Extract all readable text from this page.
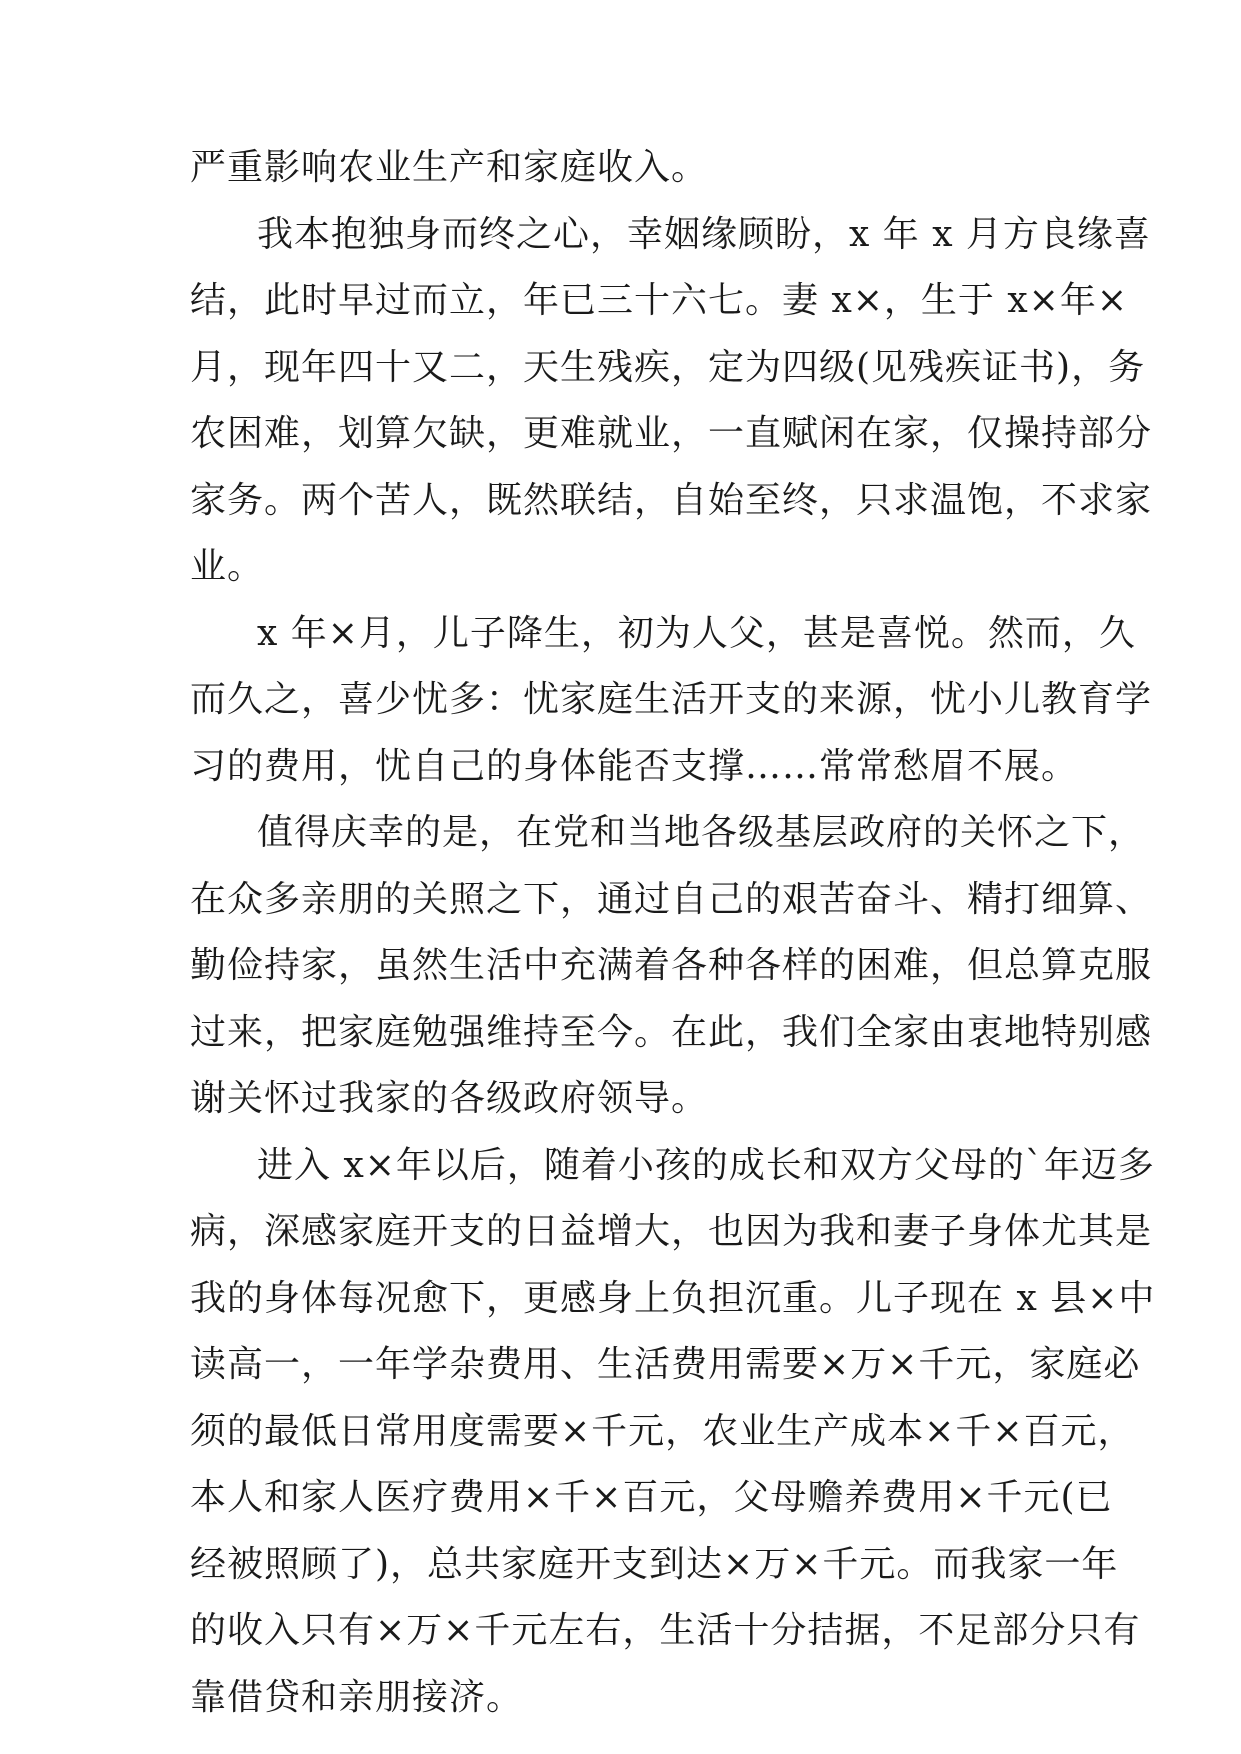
严重影响农业生产和家庭收入。
我本抱独身而终之心，幸姻缘顾盼，x 年 x 月方良缘喜
结，此时早过而立，年已三十六七。妻 x×，生于 x×年×
月，现年四十又二，天生残疾，定为四级(见残疾证书)，务
农困难，划算欠缺，更难就业，一直赋闲在家，仅操持部分
家务。两个苦人，既然联结，自始至终，只求温饱，不求家
业。
x 年×月，儿子降生，初为人父，甚是喜悦。然而，久
而久之，喜少忧多：忧家庭生活开支的来源，忧小儿教育学
习的费用，忧自己的身体能否支撑……常常愁眉不展。
值得庆幸的是，在党和当地各级基层政府的关怀之下，
在众多亲朋的关照之下，通过自己的艰苦奋斗、精打细算、
勤俭持家，虽然生活中充满着各种各样的困难，但总算克服
过来，把家庭勉强维持至今。在此，我们全家由衷地特别感
谢关怀过我家的各级政府领导。
进入 x×年以后，随着小孩的成长和双方父母的`年迈多
病，深感家庭开支的日益增大，也因为我和妻子身体尤其是
我的身体每况愈下，更感身上负担沉重。儿子现在 x 县×中
读高一，一年学杂费用、生活费用需要×万×千元，家庭必
须的最低日常用度需要×千元，农业生产成本×千×百元，
本人和家人医疗费用×千×百元，父母赡养费用×千元(已
经被照顾了)，总共家庭开支到达×万×千元。而我家一年
的收入只有×万×千元左右，生活十分拮据，不足部分只有
靠借贷和亲朋接济。
